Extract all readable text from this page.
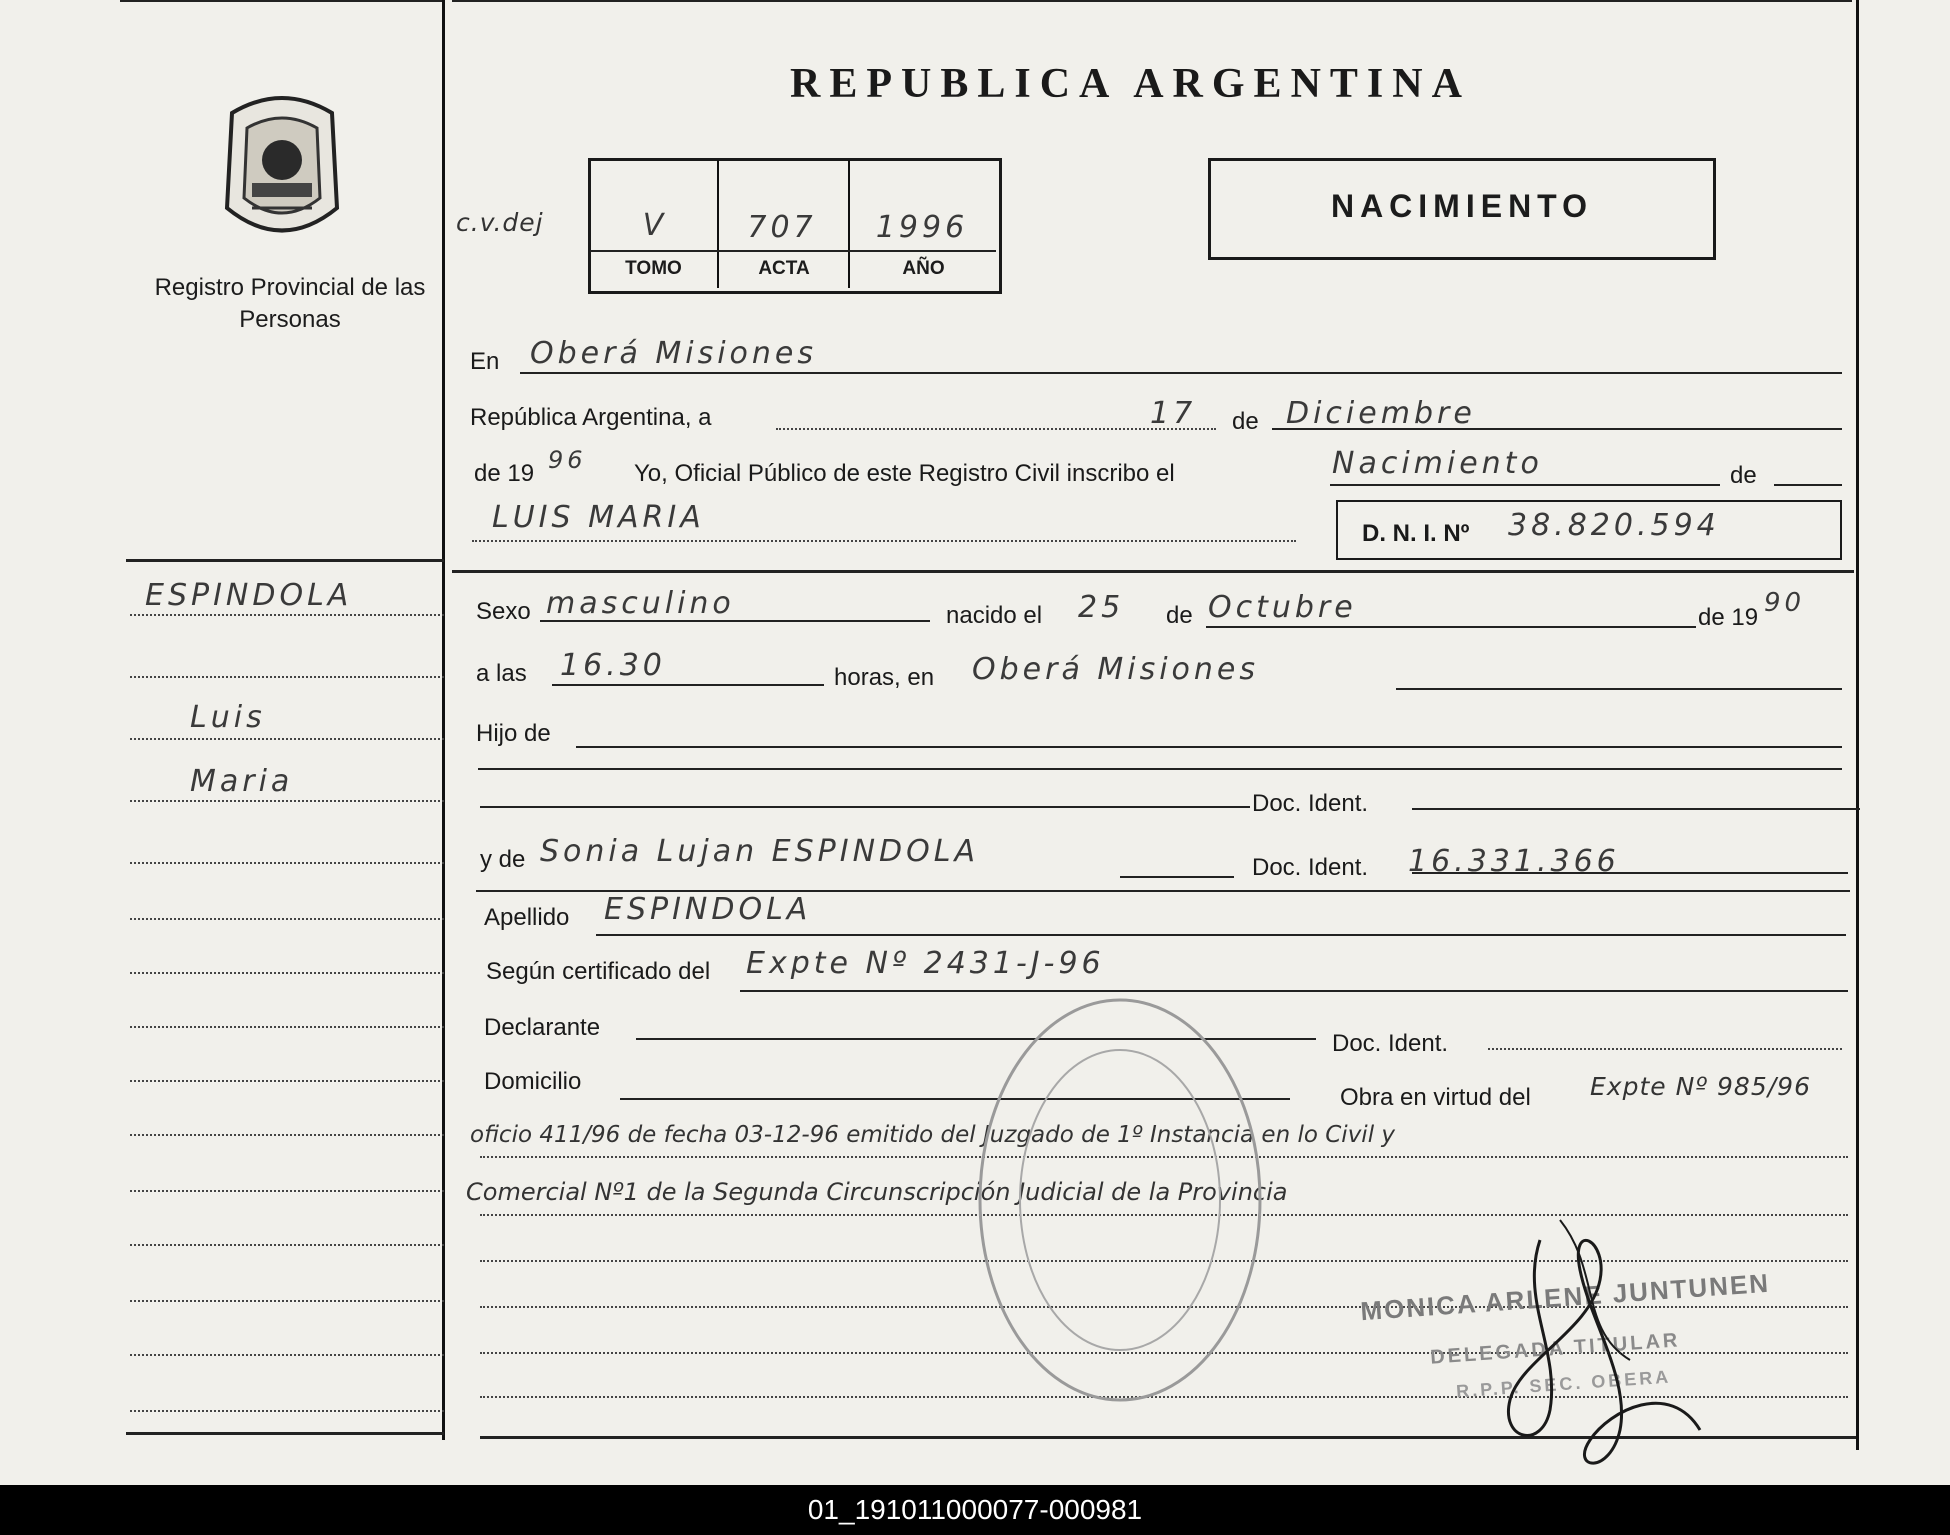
Registro Provincial de las Personas
REPUBLICA ARGENTINA
c.v.dej	V	707	1996
TOMO	ACTA	AÑO
NACIMIENTO
ESPINDOLA
Luis
Maria
En Oberá Misiones
República Argentina, a	17 de Diciembre
de 19 96 Yo, Oficial Público de este Registro Civil inscribo el	Nacimiento	de
LUIS MARIA	D. N. I. Nº 38.820.594
Sexo masculino	nacido el 25 de Octubre	de 19 90
a las 16.30	horas, en Oberá Misiones
Hijo de
Doc. Ident.
y de Sonia Lujan ESPINDOLA	Doc. Ident. 16.331.366
Apellido ESPINDOLA
Según certificado del Expte Nº 2431-J-96
Declarante
Doc. Ident.
Domicilio
Obra en virtud del Expte Nº 985/96
oficio 411/96 de fecha 03-12-96 emitido del Juzgado de 1º Instancia en lo Civil y
Comercial Nº1 de la Segunda Circunscripción Judicial de la Provincia
MONICA ARLENE JUNTUNEN
DELEGADA TITULAR
R.P.P. SEC. OBERA
01_191011000077-000981
